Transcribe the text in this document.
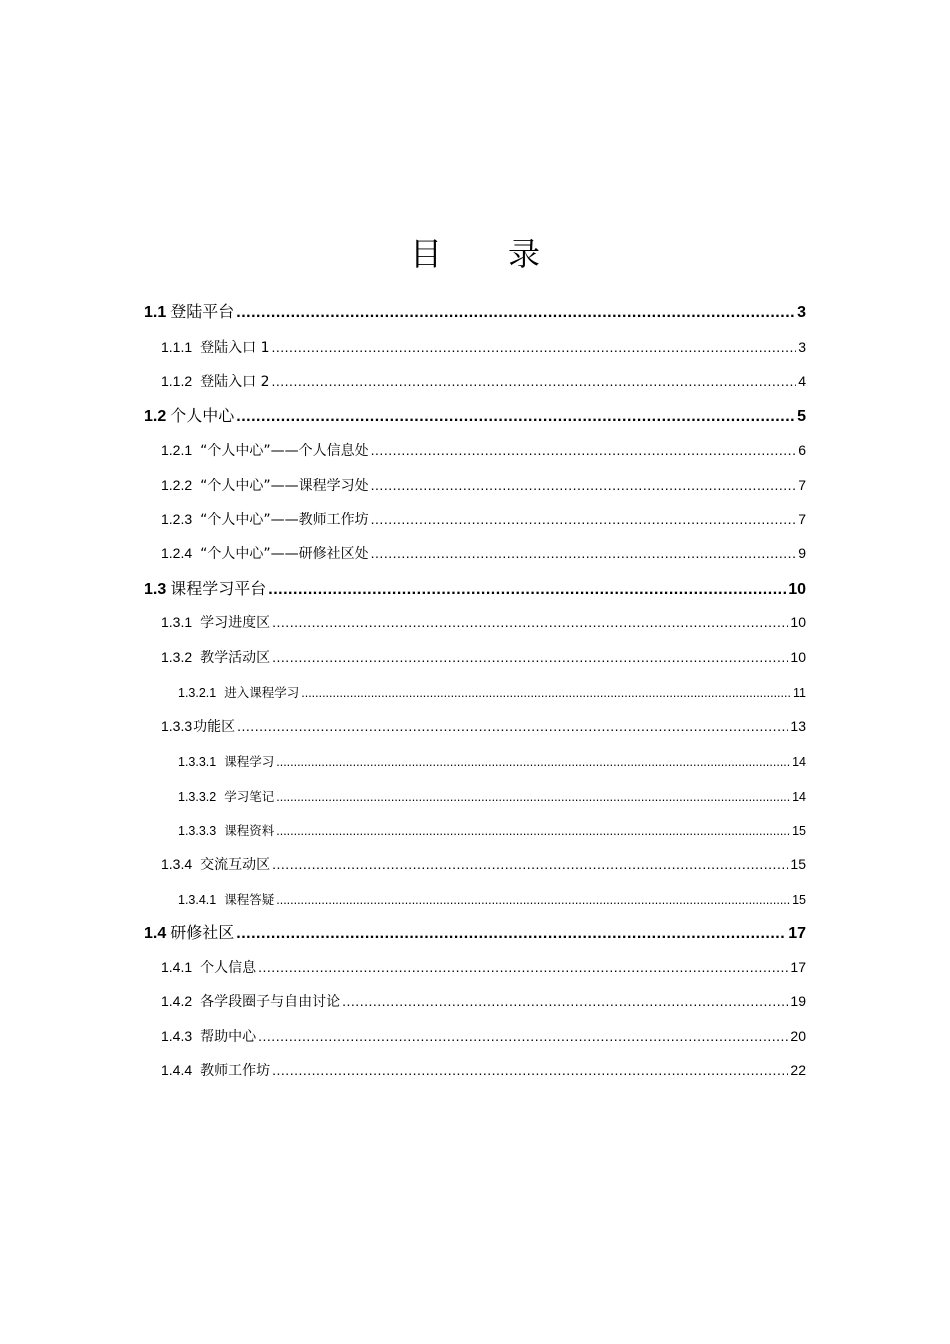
目 录
1.1 登陆平台 .....	3
1.1.1 登陆入口 1 .....	3
1.1.2 登陆入口 2 .....	4
1.2 个人中心 .....	5
1.2.1 “个人中心”——个人信息处 .....	6
1.2.2 “个人中心”——课程学习处 .....	7
1.2.3 “个人中心”——教师工作坊 .....	7
1.2.4 “个人中心”——研修社区处 .....	9
1.3 课程学习平台 .....	10
1.3.1 学习进度区 .....	10
1.3.2 教学活动区 .....	10
1.3.2.1 进入课程学习 .....	11
1.3.3 功能区 .....	13
1.3.3.1 课程学习 .....	14
1.3.3.2 学习笔记 .....	14
1.3.3.3 课程资料 .....	15
1.3.4 交流互动区 .....	15
1.3.4.1 课程答疑 .....	15
1.4 研修社区 .....	17
1.4.1 个人信息 .....	17
1.4.2 各学段圈子与自由讨论 .....	19
1.4.3 帮助中心 .....	20
1.4.4 教师工作坊 .....	22
